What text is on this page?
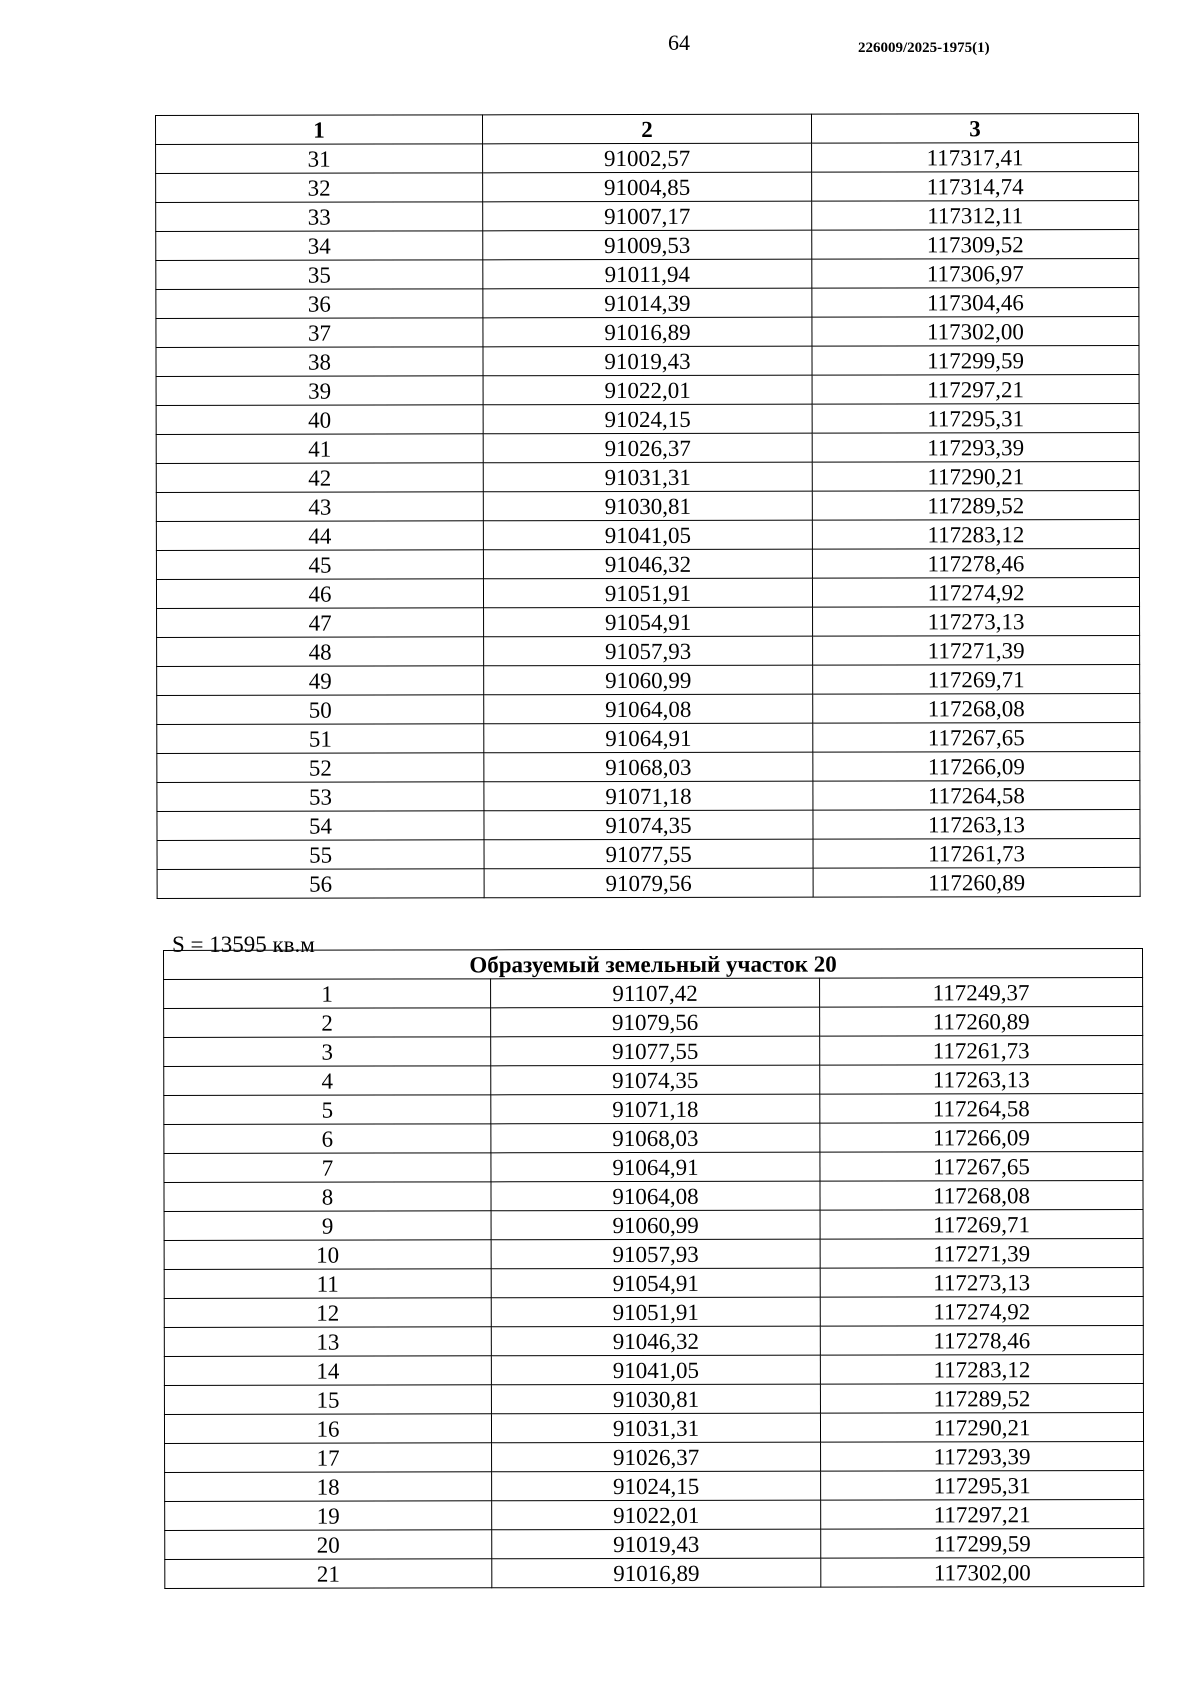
64	226009/2025-1975(1)
1	2	3
31	91002,57	117317,41
32	91004,85	117314,74
33	91007,17	117312,11
34	91009,53	117309,52
35	91011,94	117306,97
36	91014,39	117304,46
37	91016,89	117302,00
38	91019,43	117299,59
39	91022,01	117297,21
40	91024,15	117295,31
41	91026,37	117293,39
42	91031,31	117290,21
43	91030,81	117289,52
44	91041,05	117283,12
45	91046,32	117278,46
46	91051,91	117274,92
47	91054,91	117273,13
48	91057,93	117271,39
49	91060,99	117269,71
50	91064,08	117268,08
51	91064,91	117267,65
52	91068,03	117266,09
53	91071,18	117264,58
54	91074,35	117263,13
55	91077,55	117261,73
56	91079,56	117260,89
S = 13595 кв.м
Образуемый земельный участок 20		
1	91107,42	117249,37
2	91079,56	117260,89
3	91077,55	117261,73
4	91074,35	117263,13
5	91071,18	117264,58
6	91068,03	117266,09
7	91064,91	117267,65
8	91064,08	117268,08
9	91060,99	117269,71
10	91057,93	117271,39
11	91054,91	117273,13
12	91051,91	117274,92
13	91046,32	117278,46
14	91041,05	117283,12
15	91030,81	117289,52
16	91031,31	117290,21
17	91026,37	117293,39
18	91024,15	117295,31
19	91022,01	117297,21
20	91019,43	117299,59
21	91016,89	117302,00
